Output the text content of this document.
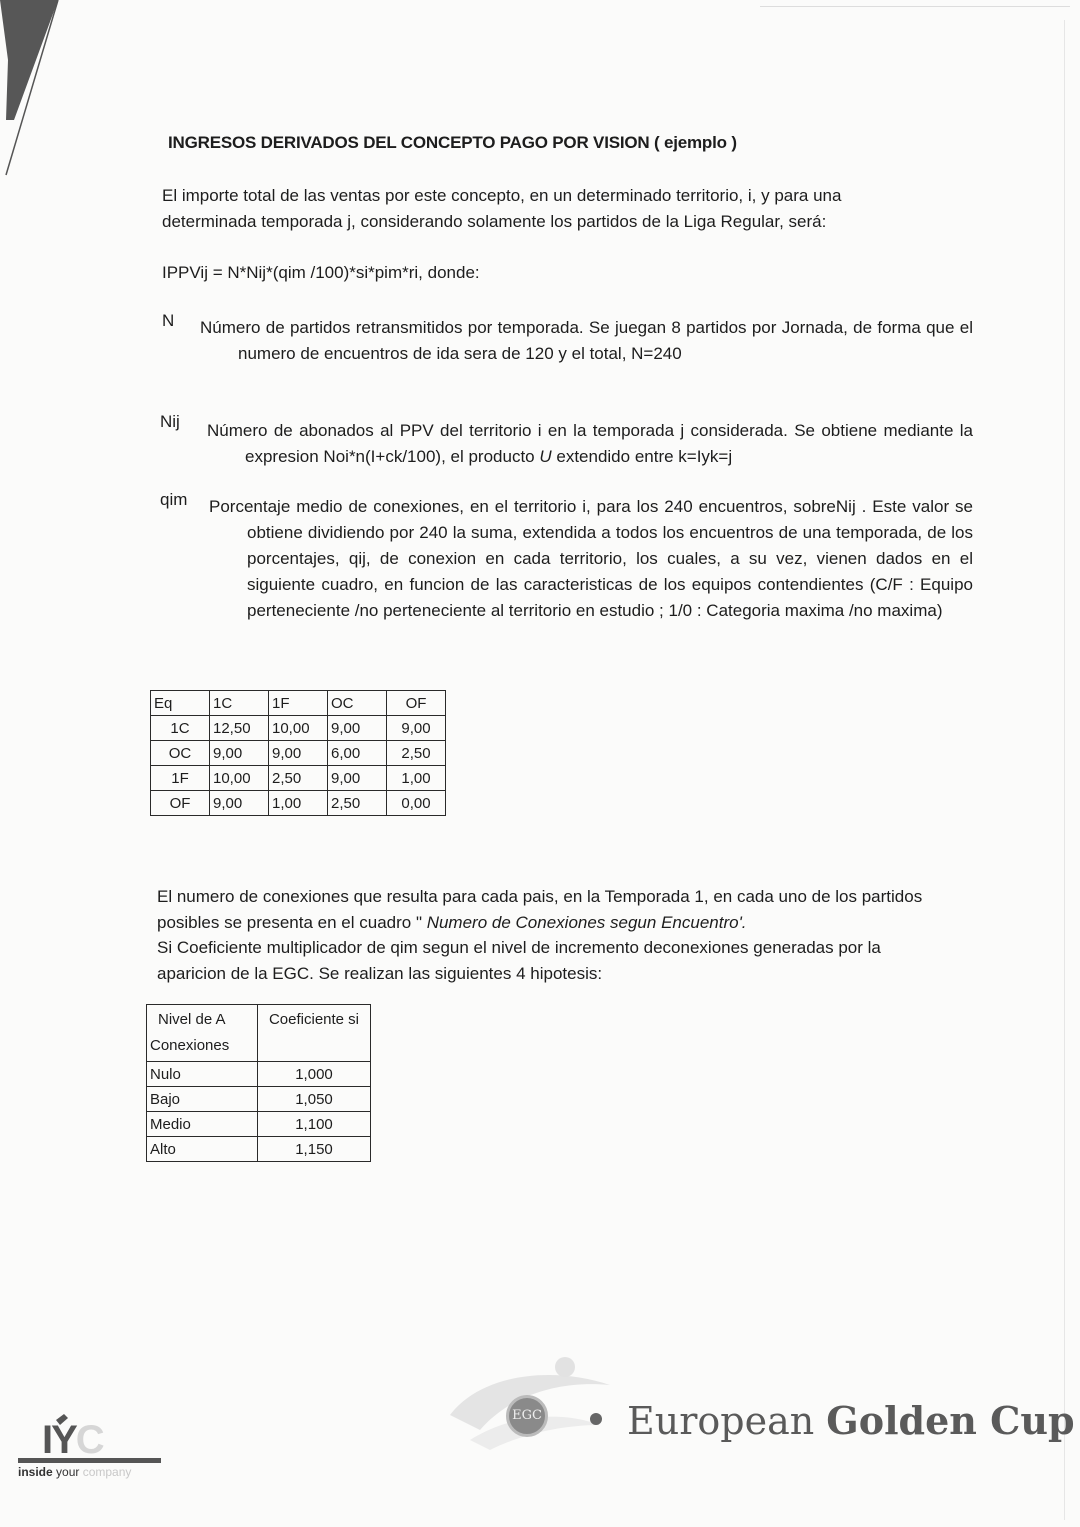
INGRESOS DERIVADOS DEL CONCEPTO PAGO POR VISION ( ejemplo )
El importe total de las ventas por este concepto, en un determinado territorio, i, y para una determinada temporada j, considerando solamente los partidos de la Liga Regular, será:
IPPVij = N*Nij*(qim /100)*si*pim*ri, donde:
N Número de partidos retransmitidos por temporada. Se juegan 8 partidos por Jornada, de forma que el numero de encuentros de ida sera de 120 y el total, N=240
Nij Número de abonados al PPV del territorio i en la temporada j considerada. Se obtiene mediante la expresion Noi*n(I+ck/100), el producto U extendido entre k=Iyk=j
qim Porcentaje medio de conexiones, en el territorio i, para los 240 encuentros, sobreNij . Este valor se obtiene dividiendo por 240 la suma, extendida a todos los encuentros de una temporada, de los porcentajes, qij, de conexion en cada territorio, los cuales, a su vez, vienen dados en el siguiente cuadro, en funcion de las caracteristicas de los equipos contendientes (C/F : Equipo perteneciente /no perteneciente al territorio en estudio ; 1/0 : Categoria maxima /no maxima)
Eq	1C	1F	OC	OF
1C	12,50	10,00	9,00	9,00
OC	9,00	9,00	6,00	2,50
1F	10,00	2,50	9,00	1,00
OF	9,00	1,00	2,50	0,00
El numero de conexiones que resulta para cada pais, en la Temporada 1, en cada uno de los partidos posibles se presenta en el cuadro " Numero de Conexiones segun Encuentro'.
Si Coeficiente multiplicador de qim segun el nivel de incremento deconexiones generadas por la aparicion de la EGC. Se realizan las siguientes 4 hipotesis:
Nivel de A
Conexiones	Coeficiente si
Nulo	1,000
Bajo	1,050
Medio	1,100
Alto	1,150
IYC
inside your company
EGC European Golden Cup
